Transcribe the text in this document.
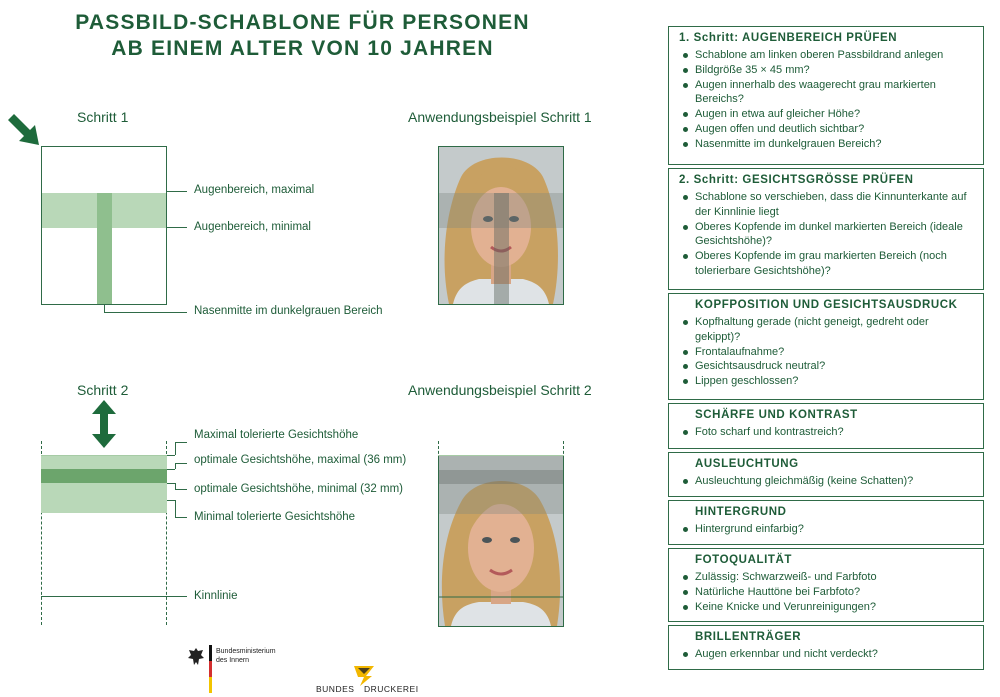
PASSBILD-SCHABLONE FÜR PERSONEN
AB EINEM ALTER VON 10 JAHREN
Schritt 1
Augenbereich, maximal
Augenbereich, minimal
Nasenmitte im dunkelgrauen Bereich
Anwendungsbeispiel Schritt 1
Schritt 2
Maximal tolerierte Gesichtshöhe
optimale Gesichtshöhe, maximal (36 mm)
optimale Gesichtshöhe, minimal (32 mm)
Minimal tolerierte Gesichtshöhe
Kinnlinie
Anwendungsbeispiel Schritt 2
Bundesministerium
des Innern
BUNDES DRUCKEREI
1. Schritt: AUGENBEREICH PRÜFEN
Schablone am linken oberen Passbildrand anlegen
Bildgröße 35 × 45 mm?
Augen innerhalb des waagerecht grau markierten Bereichs?
Augen in etwa auf gleicher Höhe?
Augen offen und deutlich sichtbar?
Nasenmitte im dunkelgrauen Bereich?
2. Schritt: GESICHTSGRÖSSE PRÜFEN
Schablone so verschieben, dass die Kinnunterkante auf der Kinnlinie liegt
Oberes Kopfende im dunkel markierten Bereich (ideale Gesichtshöhe)?
Oberes Kopfende im grau markierten Bereich (noch tolerierbare Gesichtshöhe)?
KOPFPOSITION UND GESICHTSAUSDRUCK
Kopfhaltung gerade (nicht geneigt, gedreht oder gekippt)?
Frontalaufnahme?
Gesichtsausdruck neutral?
Lippen geschlossen?
SCHÄRFE UND KONTRAST
Foto scharf und kontrastreich?
AUSLEUCHTUNG
Ausleuchtung gleichmäßig (keine Schatten)?
HINTERGRUND
Hintergrund einfarbig?
FOTOQUALITÄT
Zulässig: Schwarzweiß- und Farbfoto
Natürliche Hauttöne bei Farbfoto?
Keine Knicke und Verunreinigungen?
BRILLENTRÄGER
Augen erkennbar und nicht verdeckt?
